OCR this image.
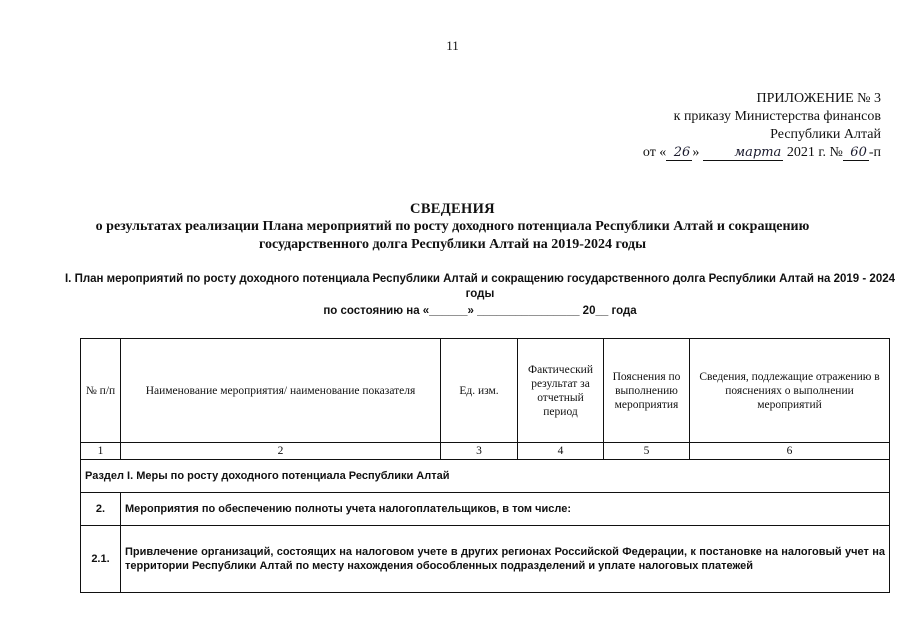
11
ПРИЛОЖЕНИЕ № 3
к приказу Министерства финансов
Республики Алтай
от « 26 »	марта 2021 г. № 60 -п
СВЕДЕНИЯ
о результатах реализации Плана мероприятий по росту доходного потенциала Республики Алтай и сокращению государственного долга Республики Алтай на 2019-2024 годы
I. План мероприятий по росту доходного потенциала Республики Алтай и сокращению государственного долга Республики Алтай на 2019 - 2024 годы
по состоянию на «______» ________________ 20__ года
№ п/п	Наименование мероприятия/ наименование показателя	Ед. изм.	Фактический результат за отчетный период	Пояснения по выполнению мероприятия	Сведения, подлежащие отражению в пояснениях о выполнении мероприятий
1	2	3	4	5	6
Раздел I. Меры по росту доходного потенциала Республики Алтай					
2.	Мероприятия по обеспечению полноты учета налогоплательщиков, в том числе:				
2.1.	Привлечение организаций, состоящих на налоговом учете в других регионах Российской Федерации, к постановке на налоговый учет на территории Республики Алтай по месту нахождения обособленных подразделений и уплате налоговых платежей				
